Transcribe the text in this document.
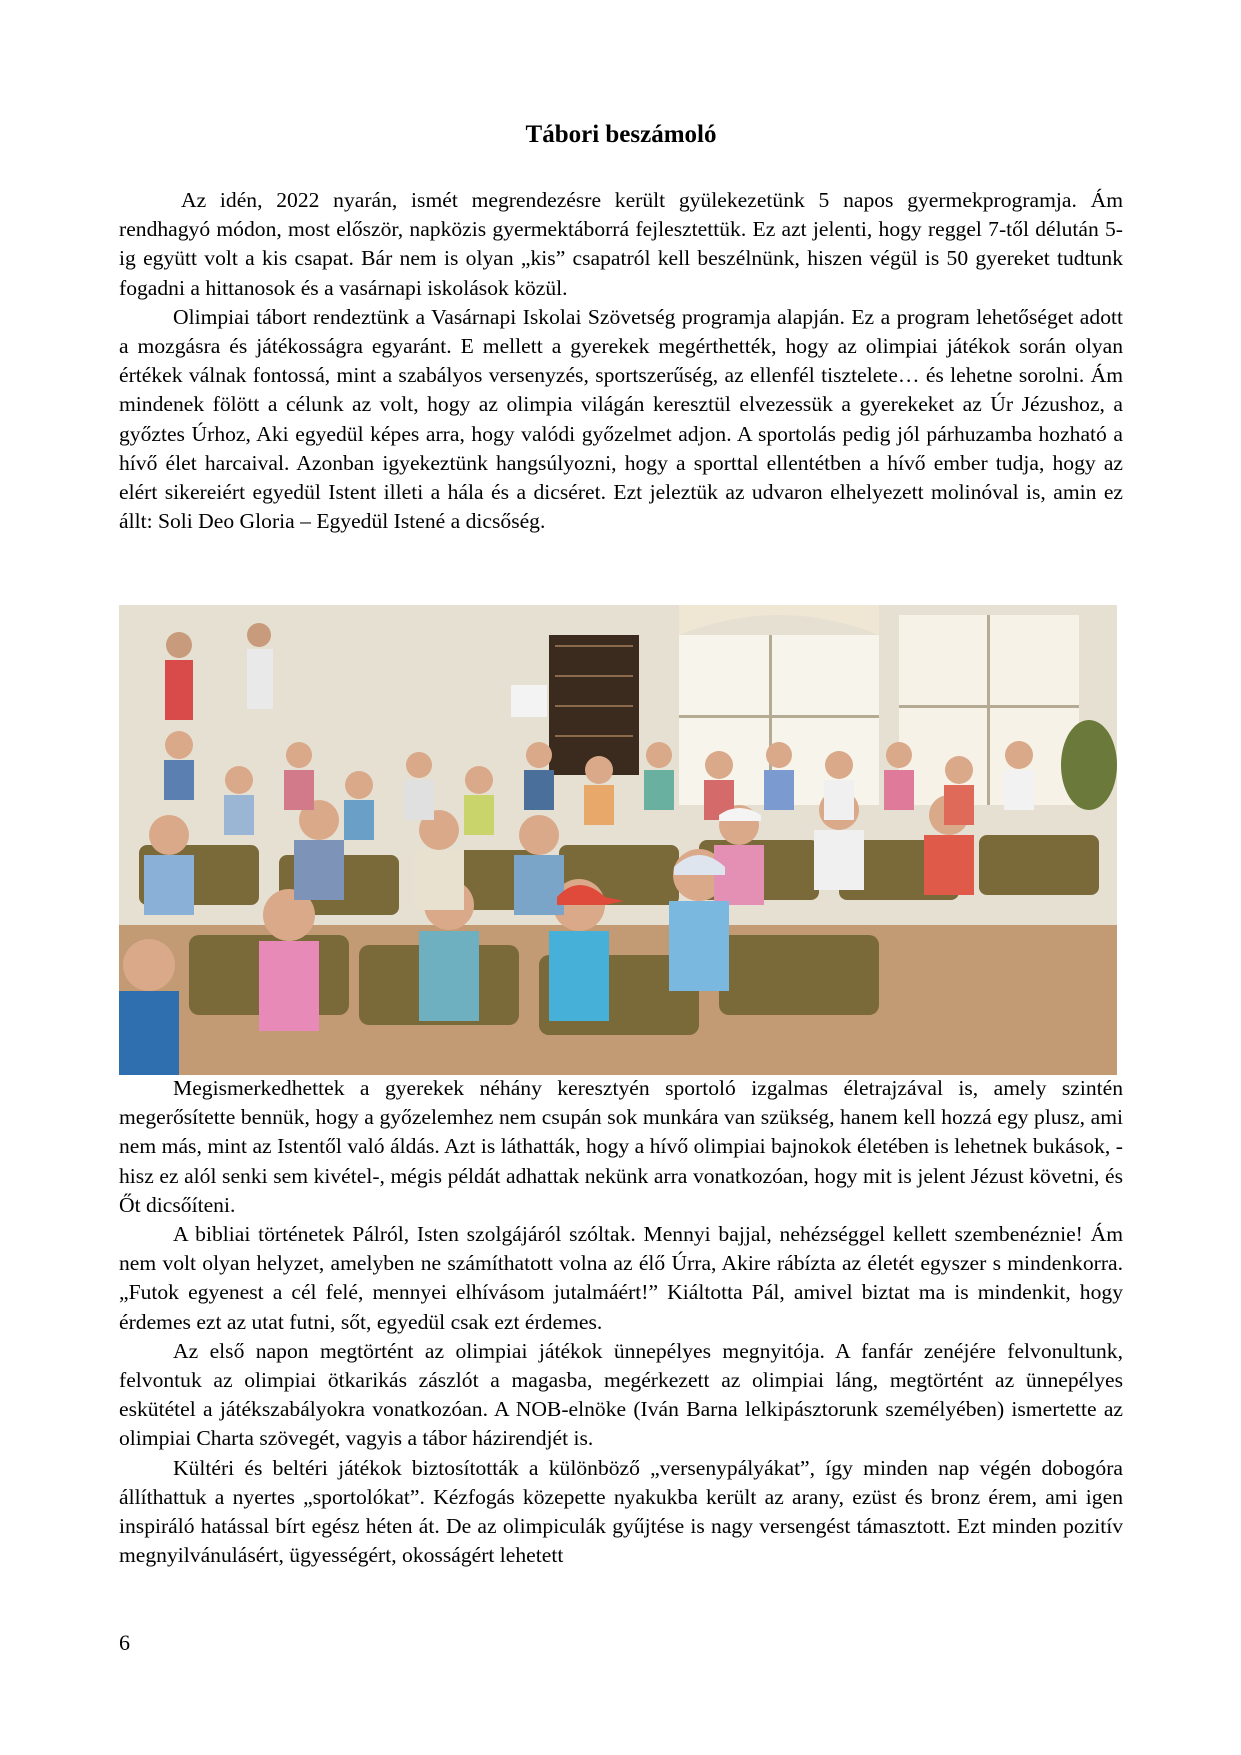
Tábori beszámoló

Az idén, 2022 nyarán, ismét megrendezésre került gyülekezetünk 5 napos gyermekprogramja. Ám rendhagyó módon, most először, napközis gyermektáborrá fejlesztettük. Ez azt jelenti, hogy reggel 7-től délután 5-ig együtt volt a kis csapat. Bár nem is olyan „kis” csapatról kell beszélnünk, hiszen végül is 50 gyereket tudtunk fogadni a hittanosok és a vasárnapi iskolások közül.

Olimpiai tábort rendeztünk a Vasárnapi Iskolai Szövetség programja alapján. Ez a program lehetőséget adott a mozgásra és játékosságra egyaránt. E mellett a gyerekek megérthették, hogy az olimpiai játékok során olyan értékek válnak fontossá, mint a szabályos versenyzés, sportszerűség, az ellenfél tisztelete… és lehetne sorolni. Ám mindenek fölött a célunk az volt, hogy az olimpia világán keresztül elvezessük a gyerekeket az Úr Jézushoz, a győztes Úrhoz, Aki egyedül képes arra, hogy valódi győzelmet adjon. A sportolás pedig jól párhuzamba hozható a hívő élet harcaival. Azonban igyekeztünk hangsúlyozni, hogy a sporttal ellentétben a hívő ember tudja, hogy az elért sikereiért egyedül Istent illeti a hála és a dicséret. Ezt jeleztük az udvaron elhelyezett molinóval is, amin ez állt: Soli Deo Gloria – Egyedül Istené a dicsőség.

Megismerkedhettek a gyerekek néhány keresztyén sportoló izgalmas életrajzával is, amely szintén megerősítette bennük, hogy a győzelemhez nem csupán sok munkára van szükség, hanem kell hozzá egy plusz, ami nem más, mint az Istentől való áldás. Azt is láthatták, hogy a hívő olimpiai bajnokok életében is lehetnek bukások, -hisz ez alól senki sem kivétel-, mégis példát adhattak nekünk arra vonatkozóan, hogy mit is jelent Jézust követni, és Őt dicsőíteni.

A bibliai történetek Pálról, Isten szolgájáról szóltak. Mennyi bajjal, nehézséggel kellett szembenéznie! Ám nem volt olyan helyzet, amelyben ne számíthatott volna az élő Úrra, Akire rábízta az életét egyszer s mindenkorra. „Futok egyenest a cél felé, mennyei elhívásom jutalmáért!” Kiáltotta Pál, amivel biztat ma is mindenkit, hogy érdemes ezt az utat futni, sőt, egyedül csak ezt érdemes.

Az első napon megtörtént az olimpiai játékok ünnepélyes megnyitója. A fanfár zenéjére felvonultunk, felvontuk az olimpiai ötkarikás zászlót a magasba, megérkezett az olimpiai láng, megtörtént az ünnepélyes eskütétel a játékszabályokra vonatkozóan. A NOB-elnöke (Iván Barna lelkipásztorunk személyében) ismertette az olimpiai Charta szövegét, vagyis a tábor házirendjét is.

Kültéri és beltéri játékok biztosították a különböző „versenypályákat”, így minden nap végén dobogóra állíthattuk a nyertes „sportolókat”. Kézfogás közepette nyakukba került az arany, ezüst és bronz érem, ami igen inspiráló hatással bírt egész héten át. De az olimpiculák gyűjtése is nagy versengést támasztott. Ezt minden pozitív megnyilvánulásért, ügyességért, okosságért lehetett

6
